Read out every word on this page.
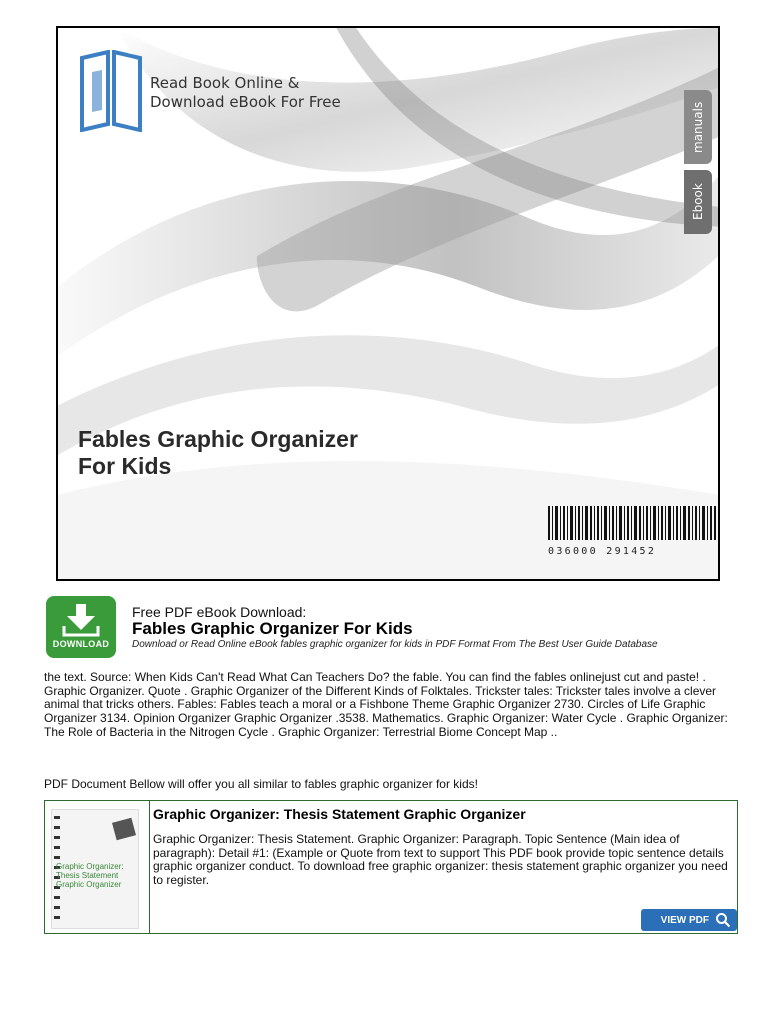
Read Book Online &
Download eBook For Free	manuals
Ebook
Fables Graphic Organizer
For Kids
036000 291452
DOWNLOAD
Free PDF eBook Download:
Fables Graphic Organizer For Kids
Download or Read Online eBook fables graphic organizer for kids in PDF Format From The Best User Guide Database
the text. Source: When Kids Can't Read What Can Teachers Do? the fable. You can find the fables onlinejust cut and paste! . Graphic Organizer. Quote . Graphic Organizer of the Different Kinds of Folktales. Trickster tales: Trickster tales involve a clever animal that tricks others. Fables: Fables teach a moral or a Fishbone Theme Graphic Organizer 2730. Circles of Life Graphic Organizer 3134. Opinion Organizer Graphic Organizer .3538. Mathematics. Graphic Organizer: Water Cycle . Graphic Organizer: The Role of Bacteria in the Nitrogen Cycle . Graphic Organizer: Terrestrial Biome Concept Map ..
PDF Document Bellow will offer you all similar to fables graphic organizer for kids!
Graphic Organizer:
Thesis Statement
Graphic Organizer
Graphic Organizer: Thesis Statement Graphic Organizer
Graphic Organizer: Thesis Statement. Graphic Organizer: Paragraph. Topic Sentence (Main idea of paragraph): Detail #1: (Example or Quote from text to support This PDF book provide topic sentence details graphic organizer conduct. To download free graphic organizer: thesis statement graphic organizer you need to register.
VIEW PDF
